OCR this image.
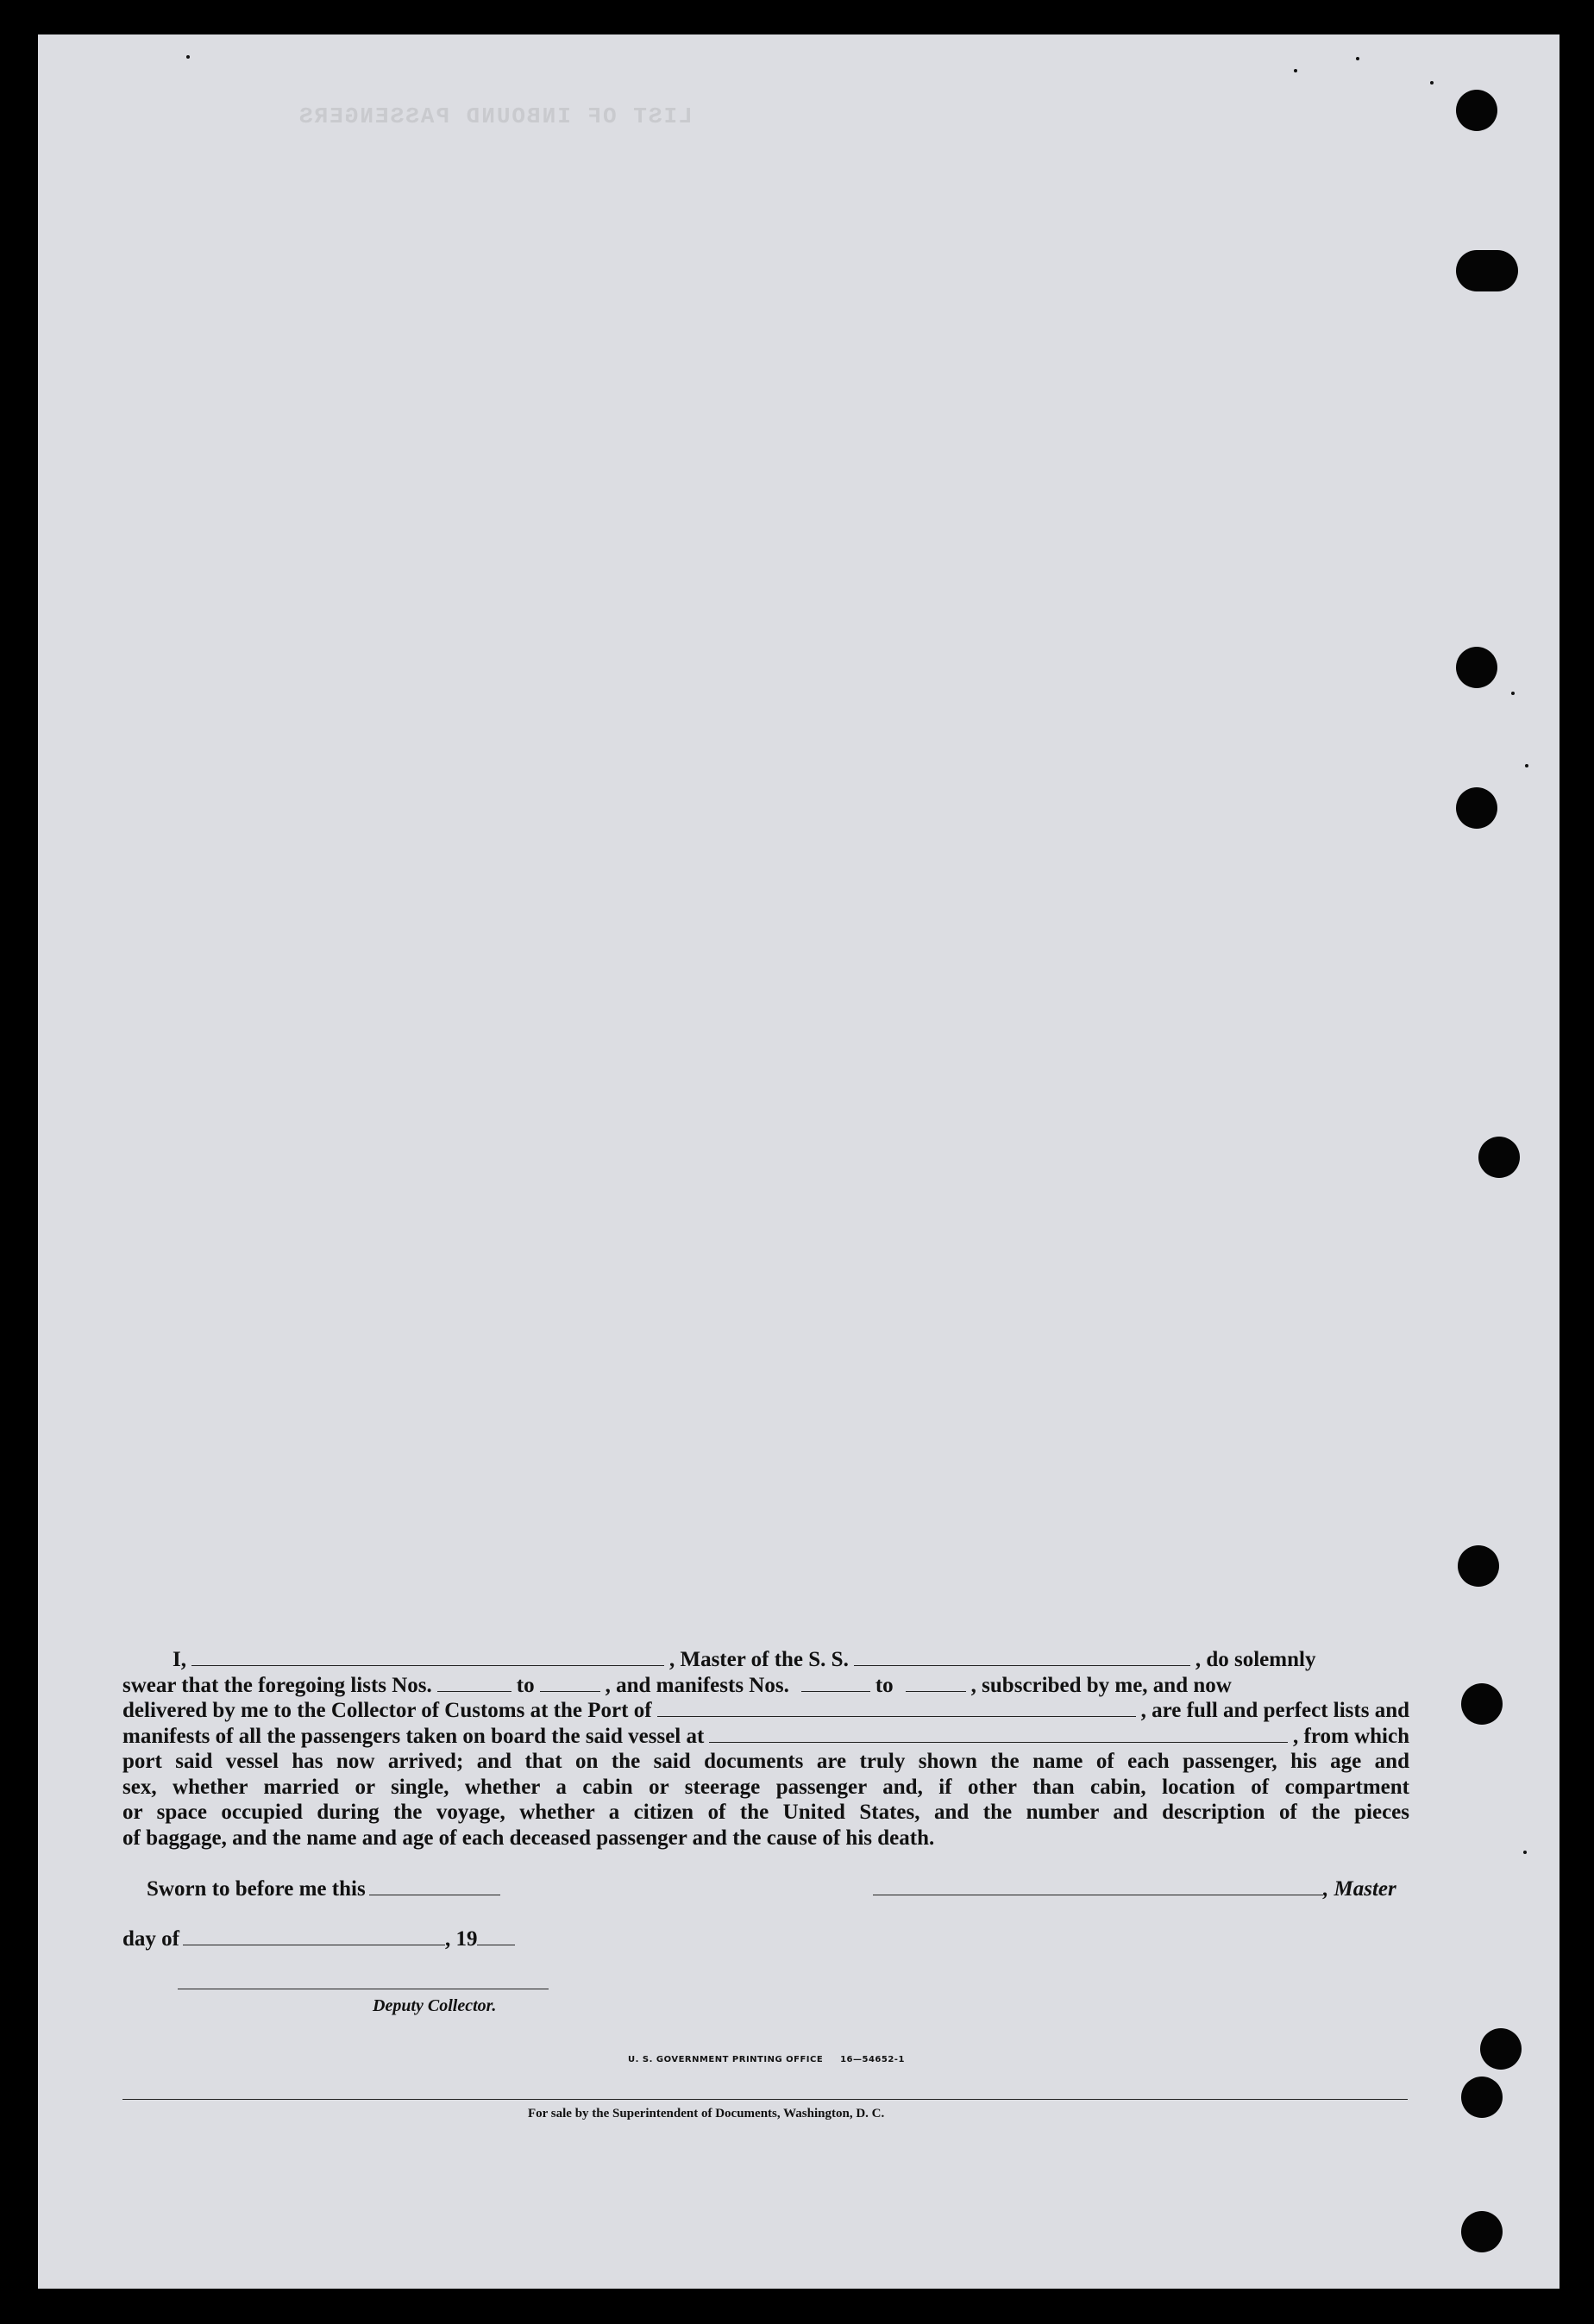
LIST OF INBOUND PASSENGERS
I,	, Master of the S. S.	, do solemnly
swear that the foregoing lists Nos.	to	, and manifests Nos.	to	, subscribed by me, and now
delivered by me to the Collector of Customs at the Port of	, are full and perfect lists and
manifests of all the passengers taken on board the said vessel at	, from which
port said vessel has now arrived; and that on the said documents are truly shown the name of each passenger, his age and
sex, whether married or single, whether a cabin or steerage passenger and, if other than cabin, location of compartment
or space occupied during the voyage, whether a citizen of the United States, and the number and description of the pieces
of baggage, and the name and age of each deceased passenger and the cause of his death.
Sworn to before me this	, Master
day of	, 19
Deputy Collector.
U. S. GOVERNMENT PRINTING OFFICE     16—54652-1
For sale by the Superintendent of Documents, Washington, D. C.
